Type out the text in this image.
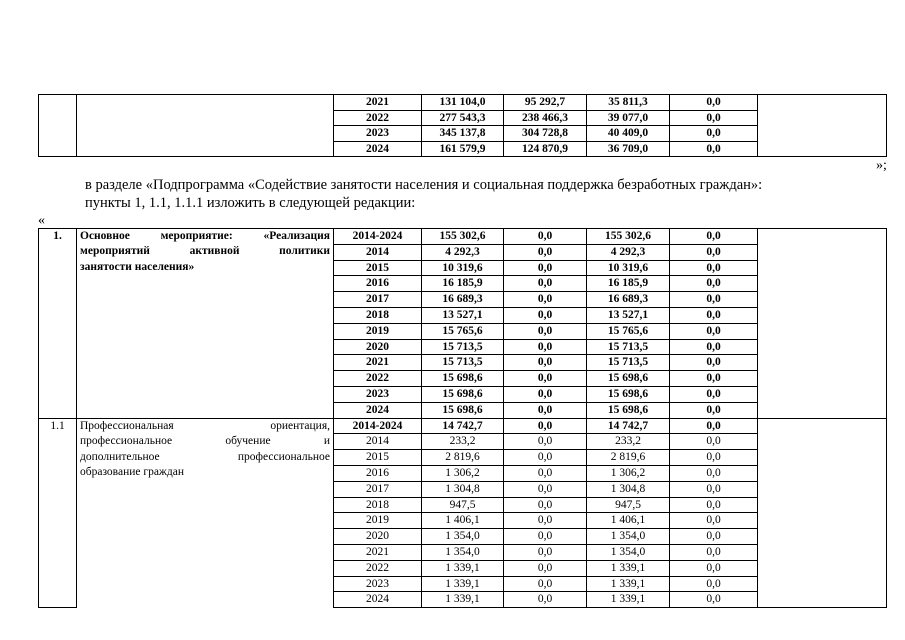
		2021	131 104,0	95 292,7	35 811,3	0,0	
		2022	277 543,3	238 466,3	39 077,0	0,0	
		2023	345 137,8	304 728,8	40 409,0	0,0	
		2024	161 579,9	124 870,9	36 709,0	0,0	
»;
в разделе «Подпрограмма «Содействие занятости населения и социальная поддержка безработных граждан»:
пункты 1, 1.1, 1.1.1 изложить в следующей редакции:
«
1.	Основное мероприятие: «Реализация	2014-2024	155 302,6	0,0	155 302,6	0,0	
	мероприятий активной политики	2014	4 292,3	0,0	4 292,3	0,0	
	занятости населения»	2015	10 319,6	0,0	10 319,6	0,0	
		2016	16 185,9	0,0	16 185,9	0,0	
		2017	16 689,3	0,0	16 689,3	0,0	
		2018	13 527,1	0,0	13 527,1	0,0	
		2019	15 765,6	0,0	15 765,6	0,0	
		2020	15 713,5	0,0	15 713,5	0,0	
		2021	15 713,5	0,0	15 713,5	0,0	
		2022	15 698,6	0,0	15 698,6	0,0	
		2023	15 698,6	0,0	15 698,6	0,0	
		2024	15 698,6	0,0	15 698,6	0,0	
1.1	Профессиональная ориентация,	2014-2024	14 742,7	0,0	14 742,7	0,0	
	профессиональное обучение и	2014	233,2	0,0	233,2	0,0	
	дополнительное профессиональное	2015	2 819,6	0,0	2 819,6	0,0	
	образование граждан	2016	1 306,2	0,0	1 306,2	0,0	
		2017	1 304,8	0,0	1 304,8	0,0	
		2018	947,5	0,0	947,5	0,0	
		2019	1 406,1	0,0	1 406,1	0,0	
		2020	1 354,0	0,0	1 354,0	0,0	
		2021	1 354,0	0,0	1 354,0	0,0	
		2022	1 339,1	0,0	1 339,1	0,0	
		2023	1 339,1	0,0	1 339,1	0,0	
		2024	1 339,1	0,0	1 339,1	0,0	
